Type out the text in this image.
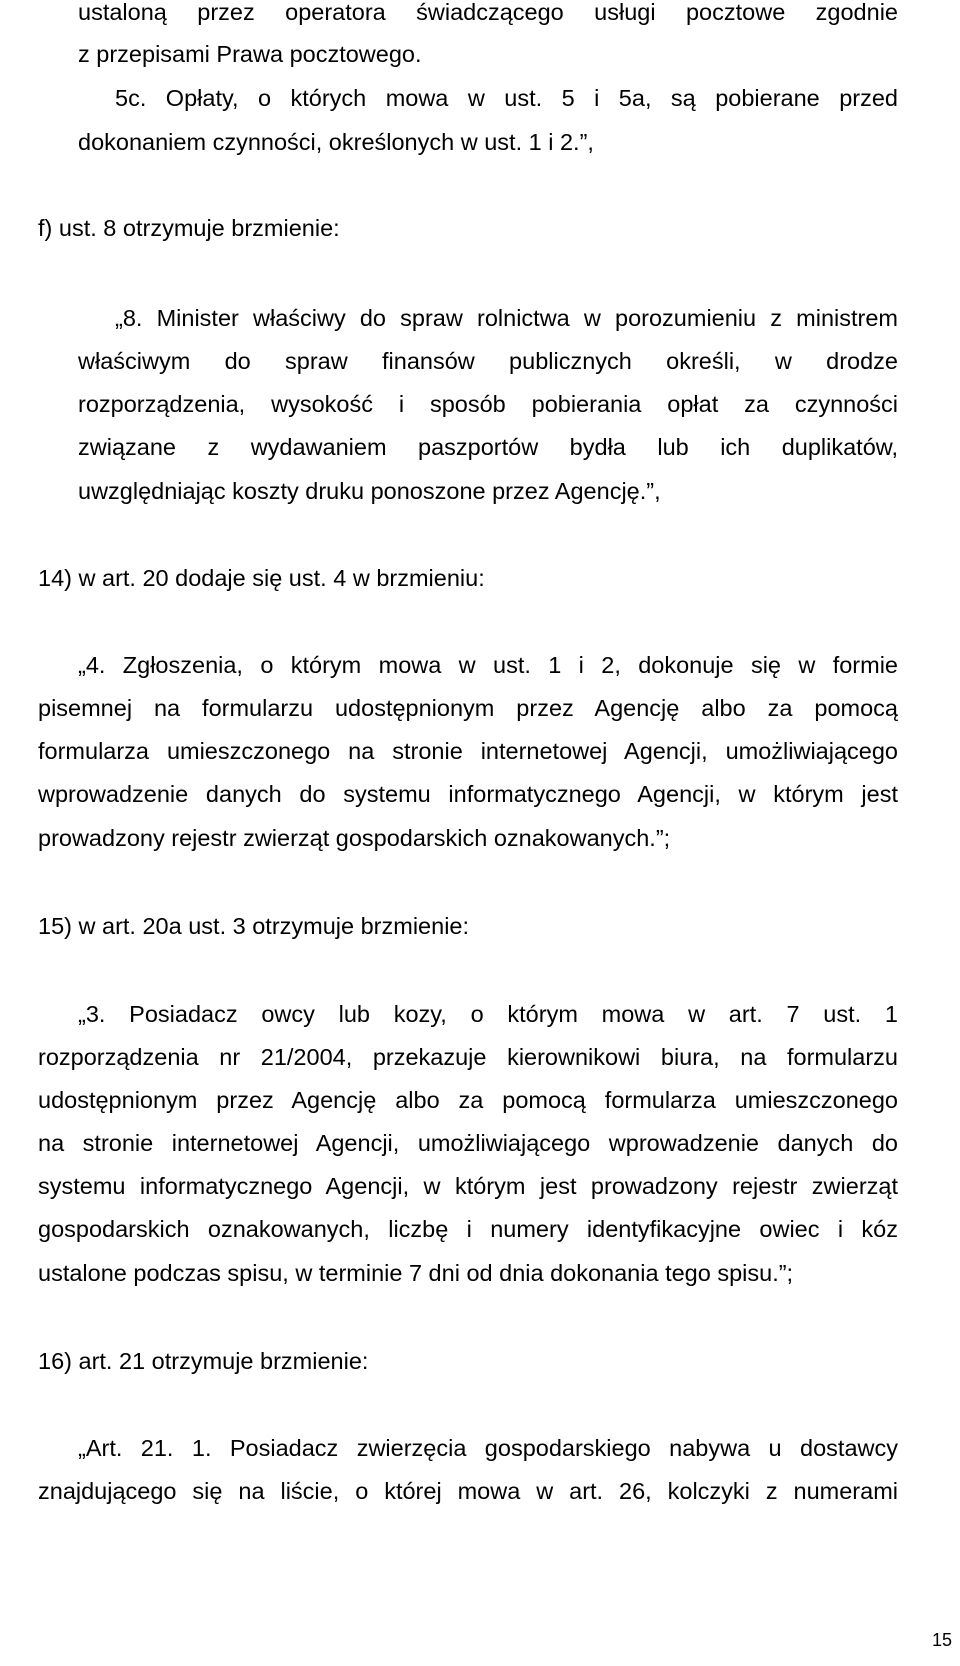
ustaloną przez operatora świadczącego usługi pocztowe zgodnie
z przepisami Prawa pocztowego.
5c. Opłaty, o których mowa w ust. 5 i 5a, są pobierane przed
dokonaniem czynności, określonych w ust. 1 i 2.”,
f) ust. 8 otrzymuje brzmienie:
„8. Minister właściwy do spraw rolnictwa w porozumieniu z ministrem
właściwym do spraw finansów publicznych określi, w drodze
rozporządzenia, wysokość i sposób pobierania opłat za czynności
związane z wydawaniem paszportów bydła lub ich duplikatów,
uwzględniając koszty druku ponoszone przez Agencję.”,
14) w art. 20 dodaje się ust. 4 w brzmieniu:
„4. Zgłoszenia, o którym mowa w ust. 1 i 2, dokonuje się w formie
pisemnej na formularzu udostępnionym przez Agencję albo za pomocą
formularza umieszczonego na stronie internetowej Agencji, umożliwiającego
wprowadzenie danych do systemu informatycznego Agencji, w którym jest
prowadzony rejestr zwierząt gospodarskich oznakowanych.”;
15) w art. 20a ust. 3 otrzymuje brzmienie:
„3. Posiadacz owcy lub kozy, o którym mowa w art. 7 ust. 1
rozporządzenia nr 21/2004, przekazuje kierownikowi biura, na formularzu
udostępnionym przez Agencję albo za pomocą formularza umieszczonego
na stronie internetowej Agencji, umożliwiającego wprowadzenie danych do
systemu informatycznego Agencji, w którym jest prowadzony rejestr zwierząt
gospodarskich oznakowanych, liczbę i numery identyfikacyjne owiec i kóz
ustalone podczas spisu, w terminie 7 dni od dnia dokonania tego spisu.”;
16) art. 21 otrzymuje brzmienie:
„Art. 21. 1. Posiadacz zwierzęcia gospodarskiego nabywa u dostawcy
znajdującego się na liście, o której mowa w art. 26, kolczyki z numerami
15
